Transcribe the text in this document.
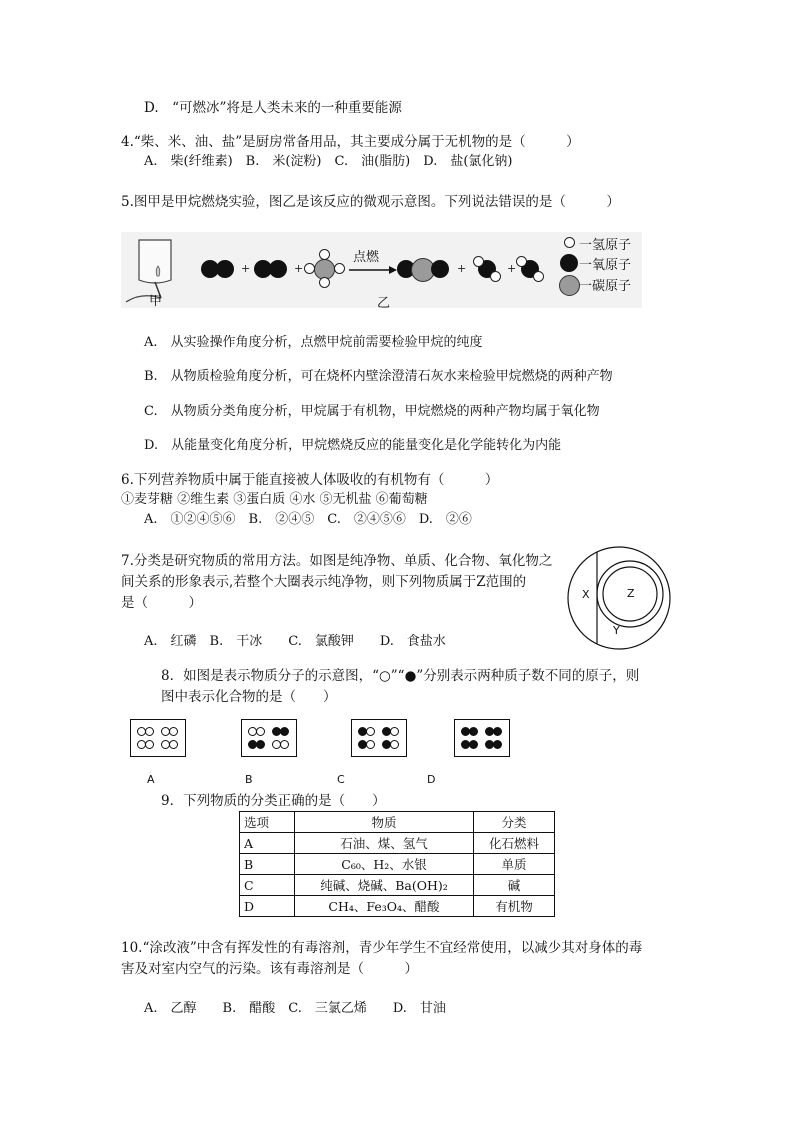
D.　“可燃冰”将是人类未来的一种重要能源
4.“柴、米、油、盐”是厨房常备用品，其主要成分属于无机物的是（　　　）
A.　柴(纤维素)　B.　米(淀粉)　C.　油(脂肪)　D.　盐(氯化钠)
5.图甲是甲烷燃烧实验，图乙是该反应的微观示意图。下列说法错误的是（　　　）
甲
+	+
点燃
+	+
一氢原子
一氧原子
一碳原子
乙
A.　从实验操作角度分析，点燃甲烷前需要检验甲烷的纯度
B.　从物质检验角度分析，可在烧杯内壁涂澄清石灰水来检验甲烷燃烧的两种产物
C.　从物质分类角度分析，甲烷属于有机物，甲烷燃烧的两种产物均属于氧化物
D.　从能量变化角度分析，甲烷燃烧反应的能量变化是化学能转化为内能
6.下列营养物质中属于能直接被人体吸收的有机物有（　　　）
①麦芽糖 ②维生素 ③蛋白质 ④水 ⑤无机盐 ⑥葡萄糖
A.　①②④⑤⑥　B.　②④⑤　C.　②④⑤⑥　D.　②⑥
7.分类是研究物质的常用方法。如图是纯净物、单质、化合物、氧化物之
间关系的形象表示,若整个大圈表示纯净物，则下列物质属于Z范围的
是（　　　）
A.　红磷　B.　干冰　　C.　氯酸钾　　D.　食盐水
X	Z
Y
8．如图是表示物质分子的示意图，“○”“●”分别表示两种质子数不同的原子，则
图中表示化合物的是（　　）
A	B	C	D
9．下列物质的分类正确的是（　　）
选项	物质	分类
A	石油、煤、氢气	化石燃料
B	C₆₀、H₂、水银	单质
C	纯碱、烧碱、Ba(OH)₂	碱
D	CH₄、Fe₃O₄、醋酸	有机物
10.“涂改液”中含有挥发性的有毒溶剂，青少年学生不宜经常使用，以减少其对身体的毒
害及对室内空气的污染。该有毒溶剂是（　　　）
A.　乙醇　　B.　醋酸　C.　三氯乙烯　　D.　甘油
